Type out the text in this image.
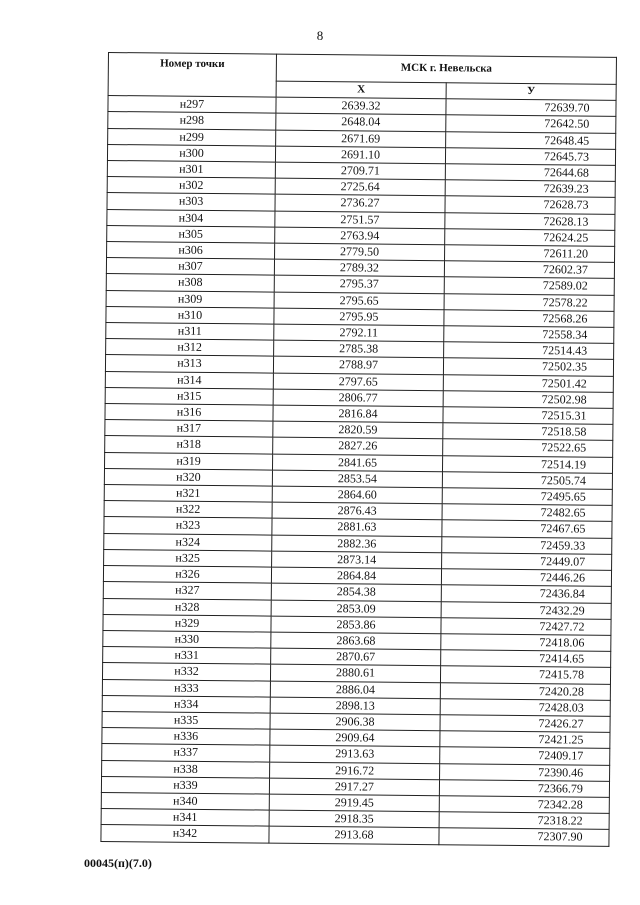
8
Номер точки	МСК г. Невельска	
	Х	У
н297	2639.32	72639.70
н298	2648.04	72642.50
н299	2671.69	72648.45
н300	2691.10	72645.73
н301	2709.71	72644.68
н302	2725.64	72639.23
н303	2736.27	72628.73
н304	2751.57	72628.13
н305	2763.94	72624.25
н306	2779.50	72611.20
н307	2789.32	72602.37
н308	2795.37	72589.02
н309	2795.65	72578.22
н310	2795.95	72568.26
н311	2792.11	72558.34
н312	2785.38	72514.43
н313	2788.97	72502.35
н314	2797.65	72501.42
н315	2806.77	72502.98
н316	2816.84	72515.31
н317	2820.59	72518.58
н318	2827.26	72522.65
н319	2841.65	72514.19
н320	2853.54	72505.74
н321	2864.60	72495.65
н322	2876.43	72482.65
н323	2881.63	72467.65
н324	2882.36	72459.33
н325	2873.14	72449.07
н326	2864.84	72446.26
н327	2854.38	72436.84
н328	2853.09	72432.29
н329	2853.86	72427.72
н330	2863.68	72418.06
н331	2870.67	72414.65
н332	2880.61	72415.78
н333	2886.04	72420.28
н334	2898.13	72428.03
н335	2906.38	72426.27
н336	2909.64	72421.25
н337	2913.63	72409.17
н338	2916.72	72390.46
н339	2917.27	72366.79
н340	2919.45	72342.28
н341	2918.35	72318.22
н342	2913.68	72307.90
00045(п)(7.0)
